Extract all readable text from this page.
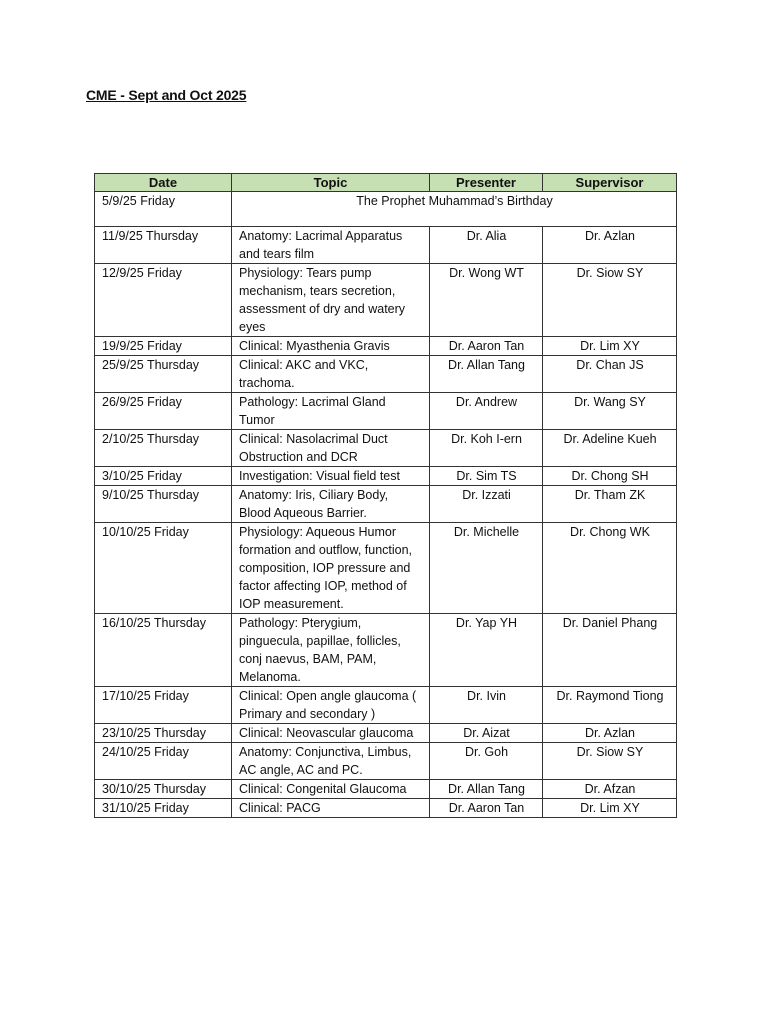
CME - Sept and Oct 2025
Date	Topic	Presenter	Supervisor
5/9/25 Friday	The Prophet Muhammad’s Birthday		
11/9/25 Thursday	Anatomy: Lacrimal Apparatus and tears film	Dr. Alia	Dr. Azlan
12/9/25 Friday	Physiology: Tears pump mechanism, tears secretion, assessment of dry and watery eyes	Dr. Wong WT	Dr. Siow SY
19/9/25 Friday	Clinical: Myasthenia Gravis	Dr. Aaron Tan	Dr. Lim XY
25/9/25 Thursday	Clinical: AKC and VKC, trachoma.	Dr. Allan Tang	Dr. Chan JS
26/9/25 Friday	Pathology: Lacrimal Gland Tumor	Dr. Andrew	Dr. Wang SY
2/10/25 Thursday	Clinical: Nasolacrimal Duct Obstruction and DCR	Dr. Koh I-ern	Dr. Adeline Kueh
3/10/25 Friday	Investigation: Visual field test	Dr. Sim TS	Dr. Chong SH
9/10/25 Thursday	Anatomy: Iris, Ciliary Body, Blood Aqueous Barrier.	Dr. Izzati	Dr. Tham ZK
10/10/25 Friday	Physiology: Aqueous Humor formation and outflow, function, composition, IOP pressure and factor affecting IOP, method of IOP measurement.	Dr. Michelle	Dr. Chong WK
16/10/25 Thursday	Pathology: Pterygium, pinguecula, papillae, follicles, conj naevus, BAM, PAM, Melanoma.	Dr. Yap YH	Dr. Daniel Phang
17/10/25 Friday	Clinical: Open angle glaucoma ( Primary and secondary )	Dr. Ivin	Dr. Raymond Tiong
23/10/25 Thursday	Clinical: Neovascular glaucoma	Dr. Aizat	Dr. Azlan
24/10/25 Friday	Anatomy: Conjunctiva, Limbus, AC angle, AC and PC.	Dr. Goh	Dr. Siow SY
30/10/25 Thursday	Clinical: Congenital Glaucoma	Dr. Allan Tang	Dr. Afzan
31/10/25 Friday	Clinical: PACG	Dr. Aaron Tan	Dr. Lim XY
